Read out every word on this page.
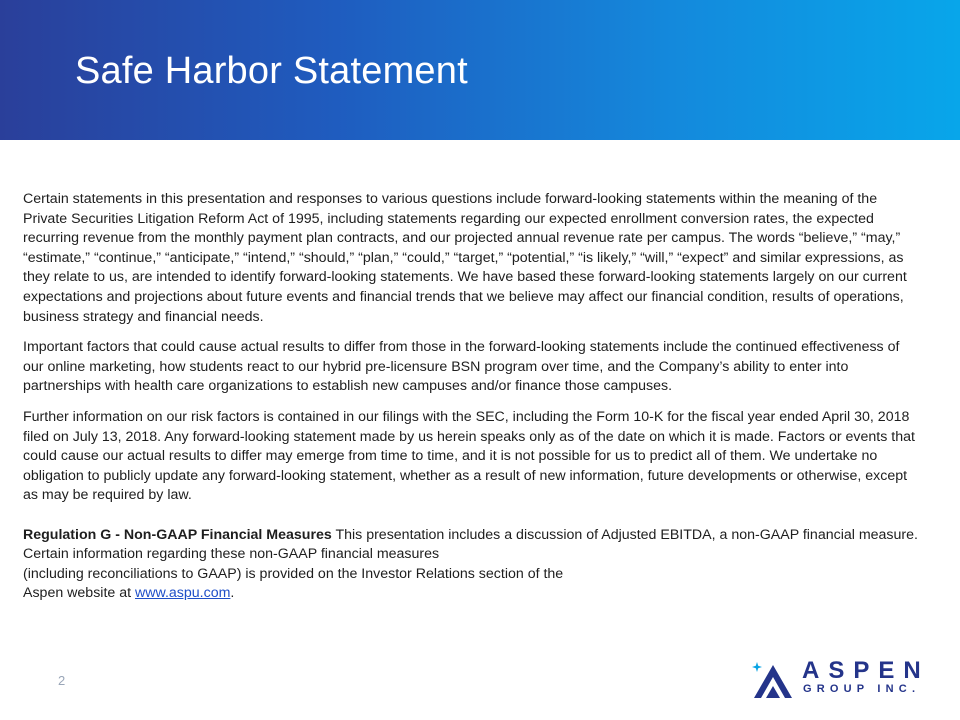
Safe Harbor Statement

Certain statements in this presentation and responses to various questions include forward-looking statements within the meaning of the Private Securities Litigation Reform Act of 1995, including statements regarding our expected enrollment conversion rates, the expected recurring revenue from the monthly payment plan contracts, and our projected annual revenue rate per campus. The words “believe,” “may,” “estimate,” “continue,” “anticipate,” “intend,” “should,” “plan,” “could,” “target,” “potential,” “is likely,” “will,” “expect” and similar expressions, as they relate to us, are intended to identify forward-looking statements. We have based these forward-looking statements largely on our current expectations and projections about future events and financial trends that we believe may affect our financial condition, results of operations, business strategy and financial needs.

Important factors that could cause actual results to differ from those in the forward-looking statements include the continued effectiveness of our online marketing, how students react to our hybrid pre-licensure BSN program over time, and the Company’s ability to enter into partnerships with health care organizations to establish new campuses and/or finance those campuses.

Further information on our risk factors is contained in our filings with the SEC, including the Form 10-K for the fiscal year ended April 30, 2018 filed on July 13, 2018. Any forward-looking statement made by us herein speaks only as of the date on which it is made. Factors or events that could cause our actual results to differ may emerge from time to time, and it is not possible for us to predict all of them. We undertake no obligation to publicly update any forward-looking statement, whether as a result of new information, future developments or otherwise, except as may be required by law.

Regulation G - Non-GAAP Financial Measures This presentation includes a discussion of Adjusted EBITDA, a non-GAAP financial measure. Certain information regarding these non-GAAP financial measures
(including reconciliations to GAAP) is provided on the Investor Relations section of the
Aspen website at www.aspu.com.

2	ASPEN
GROUP INC.
